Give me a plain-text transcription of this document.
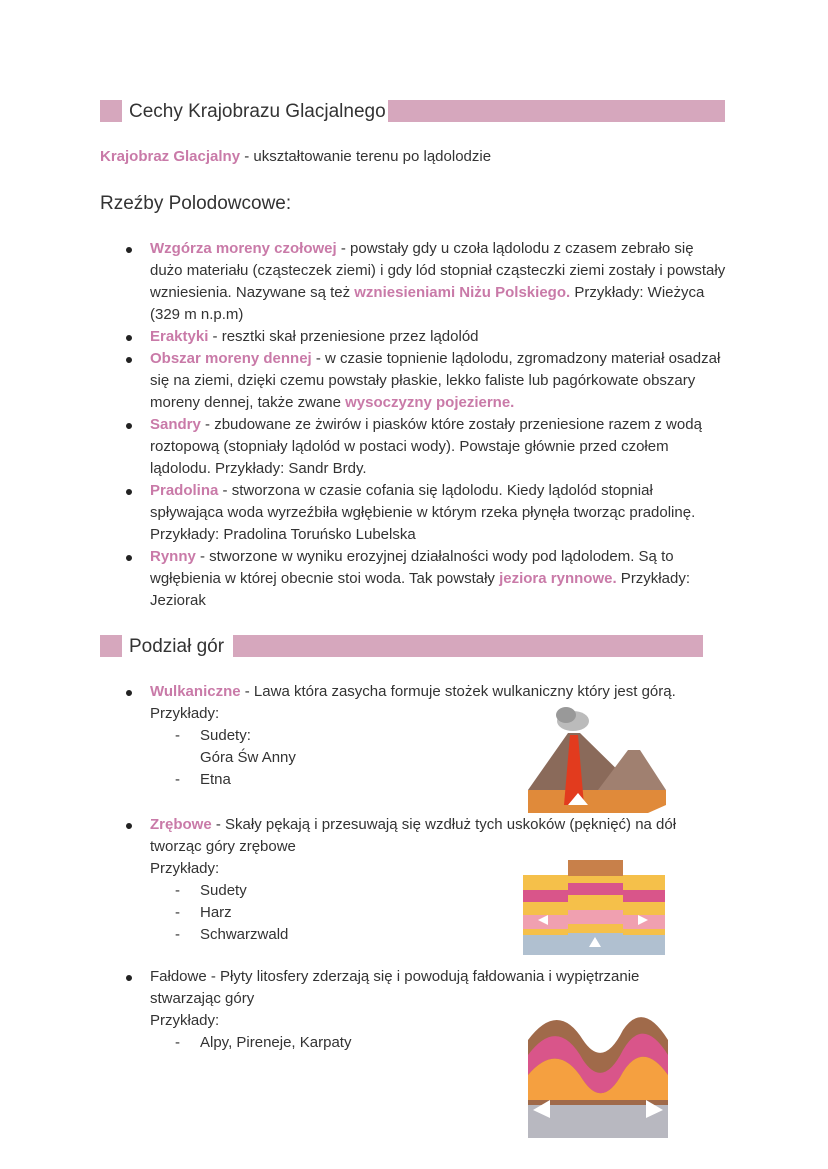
Cechy Krajobrazu Glacjalnego
Krajobraz Glacjalny - ukształtowanie terenu po lądolodzie
Rzeźby Polodowcowe:
Wzgórza moreny czołowej - powstały gdy u czoła lądolodu z czasem zebrało się dużo materiału (cząsteczek ziemi) i gdy lód stopniał cząsteczki ziemi zostały i powstały wzniesienia. Nazywane są też wzniesieniami Niżu Polskiego. Przykłady: Wieżyca (329 m n.p.m)
Eraktyki - resztki skał przeniesione przez lądolód
Obszar moreny dennej - w czasie topnienie lądolodu, zgromadzony materiał osadzał się na ziemi, dzięki czemu powstały płaskie, lekko faliste lub pagórkowate obszary moreny dennej, także zwane wysoczyzny pojezierne.
Sandry - zbudowane ze żwirów i piasków które zostały przeniesione razem z wodą roztopową (stopniały lądolód w postaci wody). Powstaje głównie przed czołem lądolodu. Przykłady: Sandr Brdy.
Pradolina - stworzona w czasie cofania się lądolodu. Kiedy lądolód stopniał spływająca woda wyrzeźbiła wgłębienie w którym rzeka płynęła tworząc pradolinę. Przykłady: Pradolina Toruńsko Lubelska
Rynny - stworzone w wyniku erozyjnej działalności wody pod lądolodem. Są to wgłębienia w której obecnie stoi woda. Tak powstały jeziora rynnowe. Przykłady: Jeziorak
Podział gór
Wulkaniczne - Lawa która zasycha formuje stożek wulkaniczny który jest górą.
Przykłady:
- Sudety:
Góra Św Anny
- Etna
Zrębowe - Skały pękają i przesuwają się wzdłuż tych uskoków (pęknięć) na dół tworząc góry zrębowe
Przykłady:
- Sudety
- Harz
- Schwarzwald
Fałdowe - Płyty litosfery zderzają się i powodują fałdowania i wypiętrzanie stwarzając góry
Przykłady:
- Alpy, Pireneje, Karpaty
